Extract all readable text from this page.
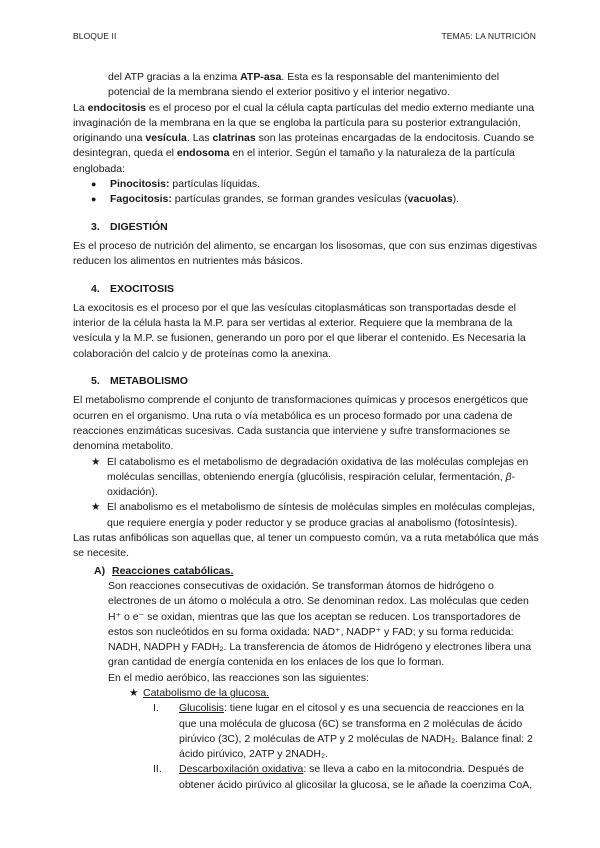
BLOQUE II	TEMA5: LA NUTRICIÓN

del ATP gracias a la enzima ATP-asa. Esta es la responsable del mantenimiento del potencial de la membrana siendo el exterior positivo y el interior negativo.

La endocitosis es el proceso por el cual la célula capta partículas del medio externo mediante una invaginación de la membrana en la que se engloba la partícula para su posterior extrangulación, originando una vesícula. Las clatrinas son las proteínas encargadas de la endocitosis. Cuando se desintegran, queda el endosoma en el interior. Según el tamaño y la naturaleza de la partícula englobada:

●	Pinocitosis: partículas líquidas.
●	Fagocitosis: partículas grandes, se forman grandes vesículas (vacuolas).
3. DIGESTIÓN

Es el proceso de nutrición del alimento, se encargan los lisosomas, que con sus enzimas digestivas reducen los alimentos en nutrientes más básicos.

4. EXOCITOSIS

La exocitosis es el proceso por el que las vesículas citoplasmáticas son transportadas desde el interior de la célula hasta la M.P. para ser vertidas al exterior. Requiere que la membrana de la vesícula y la M.P. se fusionen, generando un poro por el que liberar el contenido. Es Necesaria la colaboración del calcio y de proteínas como la anexina.

5. METABOLISMO

El metabolismo comprende el conjunto de transformaciones químicas y procesos energéticos que ocurren en el organismo. Una ruta o vía metabólica es un proceso formado por una cadena de reacciones enzimáticas sucesivas. Cada sustancia que interviene y sufre transformaciones se denomina metabolito.

★ El catabolismo es el metabolismo de degradación oxidativa de las moléculas complejas en moléculas sencillas, obteniendo energía (glucólisis, respiración celular, fermentación, β-oxidación).
★ El anabolismo es el metabolismo de síntesis de moléculas simples en moléculas complejas, que requiere energía y poder reductor y se produce gracias al anabolismo (fotosíntesis).

Las rutas anfibólicas son aquellas que, al tener un compuesto común, va a ruta metabólica que más se necesite.

A) Reacciones catabólicas.

Son reacciones consecutivas de oxidación. Se transforman átomos de hidrógeno o electrones de un átomo o molécula a otro. Se denominan redox. Las moléculas que ceden H⁺ o e⁻ se oxidan, mientras que las que los aceptan se reducen. Los transportadores de estos son nucleótidos en su forma oxidada: NAD⁺, NADP⁺ y FAD; y su forma reducida: NADH, NADPH y FADH₂. La transferencia de átomos de Hidrógeno y electrones libera una gran cantidad de energía contenida en los enlaces de los que lo forman.

En el medio aeróbico, las reacciones son las siguientes:

★ Catabolismo de la glucosa.
I.	Glucolisis: tiene lugar en el citosol y es una secuencia de reacciones en la que una molécula de glucosa (6C) se transforma en 2 moléculas de ácido pirúvico (3C), 2 moléculas de ATP y 2 moléculas de NADH₂. Balance final: 2 ácido pirúvico, 2ATP y 2NADH₂.
II.	Descarboxilación oxidativa: se lleva a cabo en la mitocondria. Después de obtener ácido pirúvico al glicosilar la glucosa, se le añade la coenzima CoA,
